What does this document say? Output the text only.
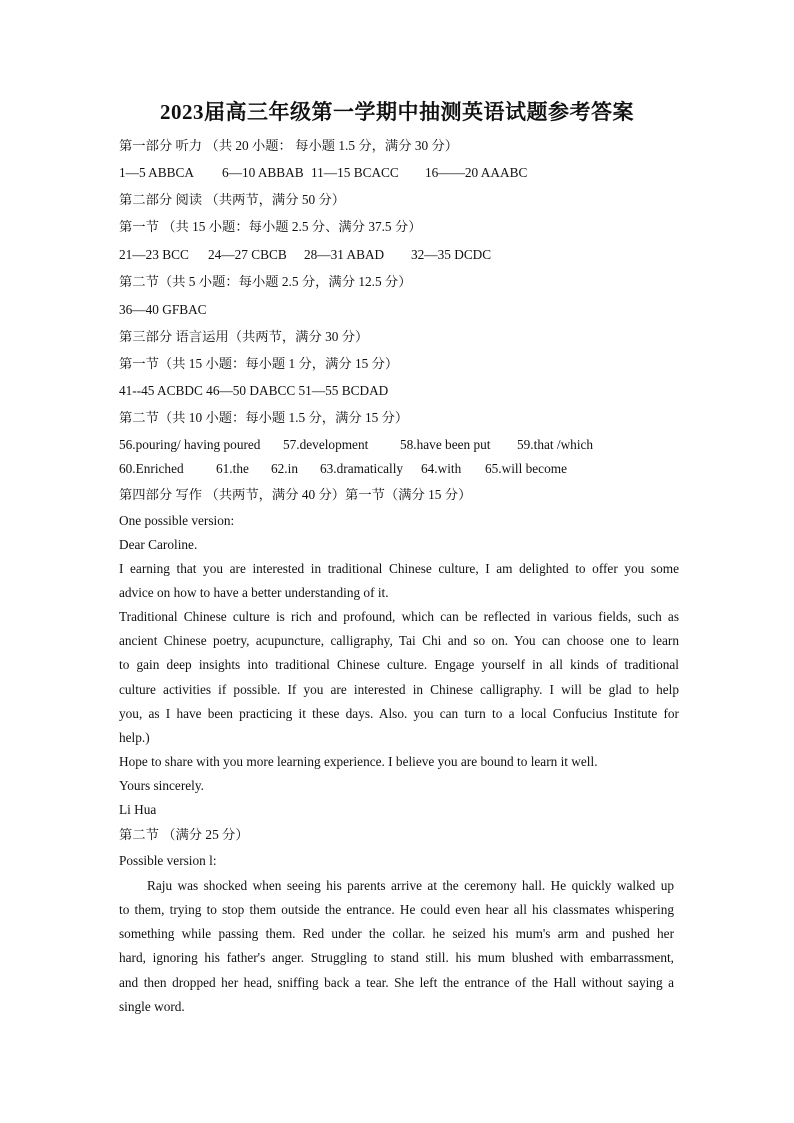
2023届高三年级第一学期中抽测英语试题参考答案
第一部分 听力 （共 20 小题： 每小题 1.5 分，满分 30 分）
1—5 ABBCA 6—10 ABBAB 11—15 BCACC 16——20 AAABC
第二部分 阅读 （共两节，满分 50 分）
第一节 （共 15 小题：每小题 2.5 分、满分 37.5 分）
21—23 BCC 24—27 CBCB 28—31 ABAD 32—35 DCDC
第二节（共 5 小题：每小题 2.5 分，满分 12.5 分）
36—40 GFBAC
第三部分 语言运用（共两节，满分 30 分）
第一节（共 15 小题：每小题 1 分，满分 15 分）
41--45 ACBDC 46—50 DABCC 51—55 BCDAD
第二节（共 10 小题：每小题 1.5 分，满分 15 分）
56.pouring/ having poured 57.development 58.have been put 59.that /which
60.Enriched 61.the 62.in 63.dramatically 64.with 65.will become
第四部分 写作 （共两节，满分 40 分）第一节（满分 15 分）
One possible version:
Dear Caroline.
I earning that you are interested in traditional Chinese culture, I am delighted to offer you some
advice on how to have a better understanding of it.
Traditional Chinese culture is rich and profound, which can be reflected in various fields, such as
ancient Chinese poetry, acupuncture, calligraphy, Tai Chi and so on. You can choose one to learn
to gain deep insights into traditional Chinese culture. Engage yourself in all kinds of traditional
culture activities if possible. If you are interested in Chinese calligraphy. I will be glad to help
you, as I have been practicing it these days. Also. you can turn to a local Confucius Institute for
help.)
Hope to share with you more learning experience. I believe you are bound to learn it well.
Yours sincerely.
Li Hua
第二节 （满分 25 分）
Possible version l:
Raju was shocked when seeing his parents arrive at the ceremony hall. He quickly walked up
to them, trying to stop them outside the entrance. He could even hear all his classmates whispering
something while passing them. Red under the collar. he seized his mum's arm and pushed her
hard, ignoring his father's anger. Struggling to stand still. his mum blushed with embarrassment,
and then dropped her head, sniffing back a tear. She left the entrance of the Hall without saying a
single word.
